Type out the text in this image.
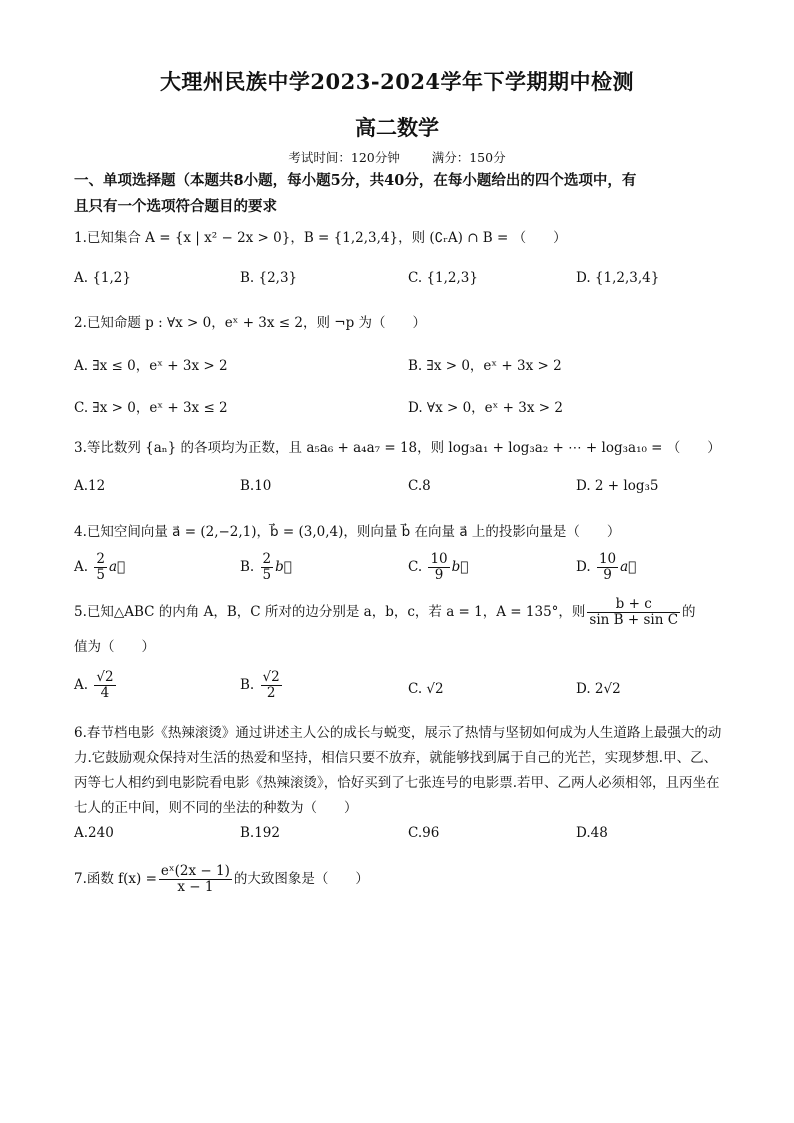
大理州民族中学2023-2024学年下学期期中检测
高二数学
考试时间：120分钟	满分：150分
一、单项选择题（本题共8小题，每小题5分，共40分，在每小题给出的四个选项中，有
且只有一个选项符合题目的要求
1.已知集合 A = {x | x² − 2x > 0}，B = {1,2,3,4}，则 (∁ᵣA) ∩ B = （　　）
A. {1,2}	B. {2,3}	C. {1,2,3}	D. {1,2,3,4}
2.已知命题 p : ∀x > 0，eˣ + 3x ≤ 2，则 ¬p 为（　　）
A. ∃x ≤ 0，eˣ + 3x > 2	B. ∃x > 0，eˣ + 3x > 2
C. ∃x > 0，eˣ + 3x ≤ 2	D. ∀x > 0，eˣ + 3x > 2
3.等比数列 {aₙ} 的各项均为正数，且 a₅a₆ + a₄a₇ = 18，则 log₃a₁ + log₃a₂ + ⋯ + log₃a₁₀ = （　　）
A.12	B.10	C.8	D. 2 + log₃5
4.已知空间向量 a⃗ = (2,−2,1)，b⃗ = (3,0,4)，则向量 b⃗ 在向量 a⃗ 上的投影向量是（　　）
A. $\frac{2}{5}$ a⃗	B. $\frac{2}{5}$ b⃗	C. $\frac{10}{9}$ b⃗	D. $\frac{10}{9}$ a⃗
5.已知△ABC 的内角 A，B，C 所对的边分别是 a，b，c，若 a = 1，A = 135°，则 $\frac{b + c}{\text{sin B + sin C}}$ 的
值为（　　）
A. $\frac{√2}{4}$	B. $\frac{√2}{2}$	C. √2	D. 2√2
6.春节档电影《热辣滚烫》通过讲述主人公的成长与蜕变，展示了热情与坚韧如何成为人生道路上最强大的动力.它鼓励观众保持对生活的热爱和坚持，相信只要不放弃，就能够找到属于自己的光芒，实现梦想.甲、乙、丙等七人相约到电影院看电影《热辣滚烫》，恰好买到了七张连号的电影票.若甲、乙两人必须相邻，且丙坐在七人的正中间，则不同的坐法的种数为（　　）
A.240	B.192	C.96	D.48
7.函数 $f(x) = \frac{\text{eˣ(2x − 1)}}{x - 1}$ 的大致图象是（　　）
